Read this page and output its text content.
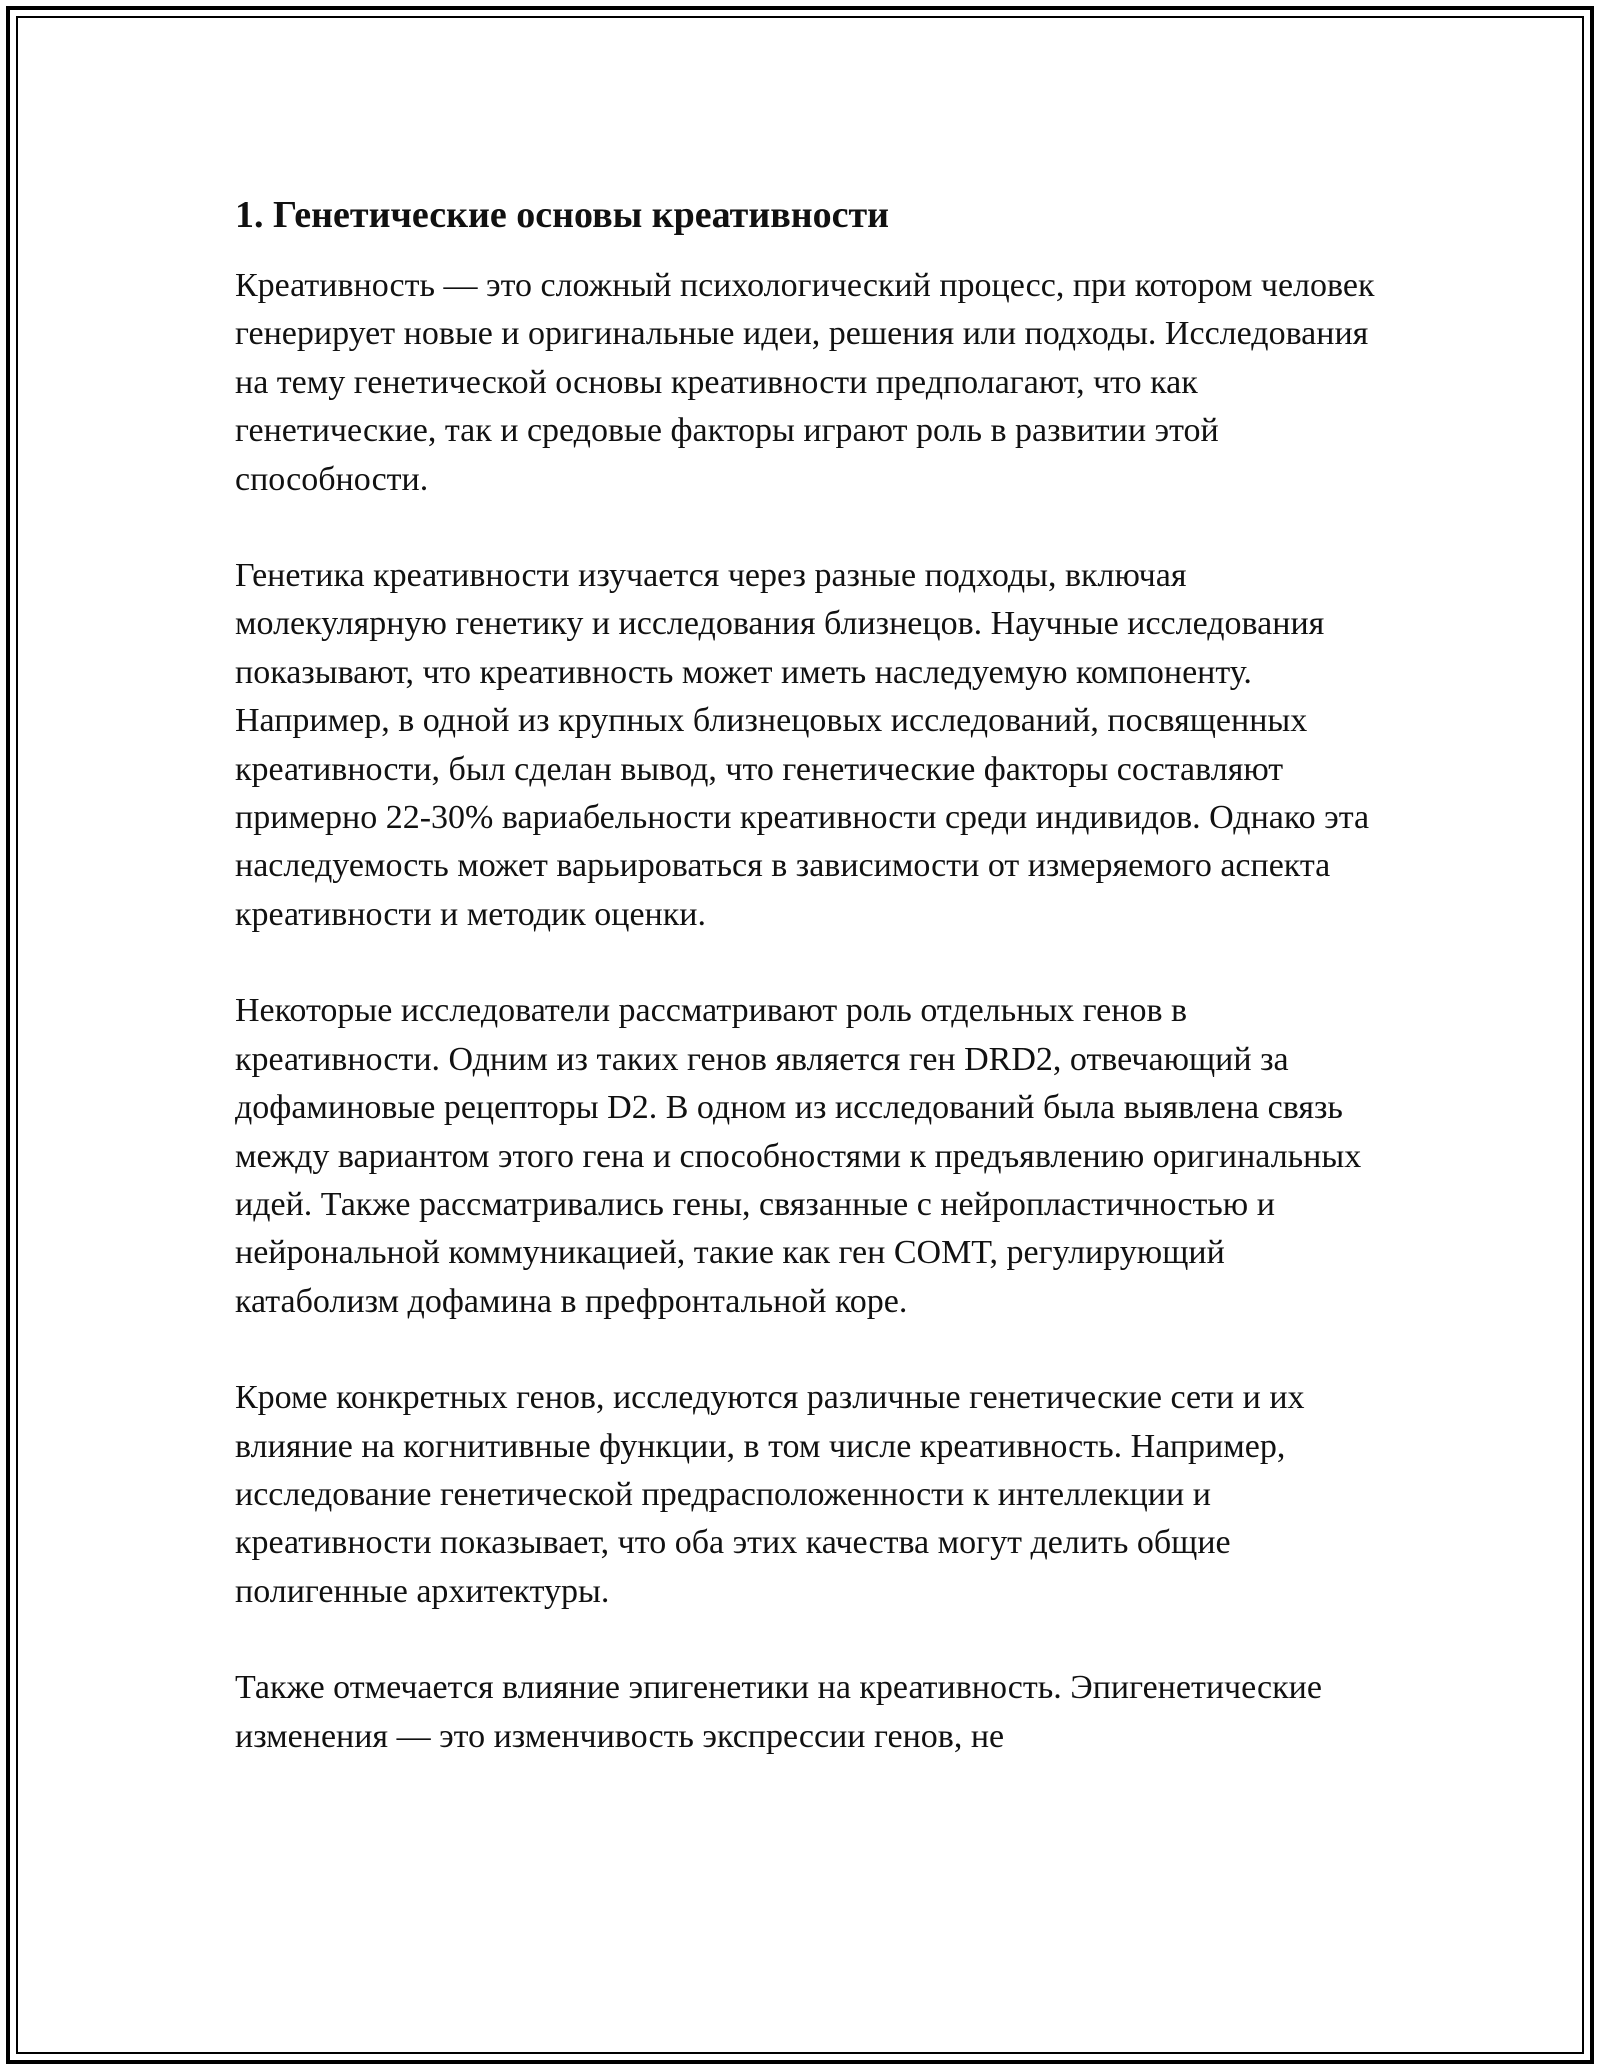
1. Генетические основы креативности

Креативность — это сложный психологический процесс, при котором человек генерирует новые и оригинальные идеи, решения или подходы. Исследования на тему генетической основы креативности предполагают, что как генетические, так и средовые факторы играют роль в развитии этой способности.

Генетика креативности изучается через разные подходы, включая молекулярную генетику и исследования близнецов. Научные исследования показывают, что креативность может иметь наследуемую компоненту. Например, в одной из крупных близнецовых исследований, посвященных креативности, был сделан вывод, что генетические факторы составляют примерно 22-30% вариабельности креативности среди индивидов. Однако эта наследуемость может варьироваться в зависимости от измеряемого аспекта креативности и методик оценки.

Некоторые исследователи рассматривают роль отдельных генов в креативности. Одним из таких генов является ген DRD2, отвечающий за дофаминовые рецепторы D2. В одном из исследований была выявлена связь между вариантом этого гена и способностями к предъявлению оригинальных идей. Также рассматривались гены, связанные с нейропластичностью и нейрональной коммуникацией, такие как ген COMT, регулирующий катаболизм дофамина в префронтальной коре.

Кроме конкретных генов, исследуются различные генетические сети и их влияние на когнитивные функции, в том числе креативность. Например, исследование генетической предрасположенности к интеллекции и креативности показывает, что оба этих качества могут делить общие полигенные архитектуры.

Также отмечается влияние эпигенетики на креативность. Эпигенетические изменения — это изменчивость экспрессии генов, не
